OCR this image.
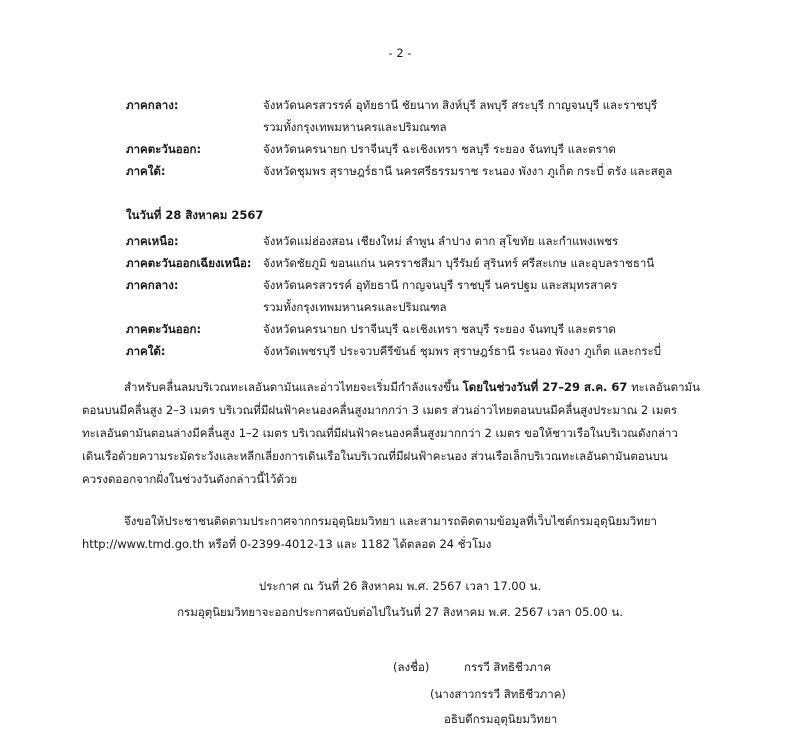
- 2 -
ภาคกลาง:	จังหวัดนครสวรรค์ อุทัยธานี ชัยนาท สิงห์บุรี ลพบุรี สระบุรี กาญจนบุรี และราชบุรี
รวมทั้งกรุงเทพมหานครและปริมณฑล
ภาคตะวันออก:	จังหวัดนครนายก ปราจีนบุรี ฉะเชิงเทรา ชลบุรี ระยอง จันทบุรี และตราด
ภาคใต้:	จังหวัดชุมพร สุราษฎร์ธานี นครศรีธรรมราช ระนอง พังงา ภูเก็ต กระบี่ ตรัง และสตูล
ในวันที่ 28 สิงหาคม 2567
ภาคเหนือ:	จังหวัดแม่ฮ่องสอน เชียงใหม่ ลำพูน ลำปาง ตาก สุโขทัย และกำแพงเพชร
ภาคตะวันออกเฉียงเหนือ:	จังหวัดชัยภูมิ ขอนแก่น นครราชสีมา บุรีรัมย์ สุรินทร์ ศรีสะเกษ และอุบลราชธานี
ภาคกลาง:	จังหวัดนครสวรรค์ อุทัยธานี กาญจนบุรี ราชบุรี นครปฐม และสมุทรสาคร
รวมทั้งกรุงเทพมหานครและปริมณฑล
ภาคตะวันออก:	จังหวัดนครนายก ปราจีนบุรี ฉะเชิงเทรา ชลบุรี ระยอง จันทบุรี และตราด
ภาคใต้:	จังหวัดเพชรบุรี ประจวบคีรีขันธ์ ชุมพร สุราษฎร์ธานี ระนอง พังงา ภูเก็ต และกระบี่
สำหรับคลื่นลมบริเวณทะเลอันดามันและอ่าวไทยจะเริ่มมีกำลังแรงขึ้น โดยในช่วงวันที่ 27–29 ส.ค. 67 ทะเลอันดามัน
ตอนบนมีคลื่นสูง 2–3 เมตร บริเวณที่มีฝนฟ้าคะนองคลื่นสูงมากกว่า 3 เมตร ส่วนอ่าวไทยตอนบนมีคลื่นสูงประมาณ 2 เมตร
ทะเลอันดามันตอนล่างมีคลื่นสูง 1–2 เมตร บริเวณที่มีฝนฟ้าคะนองคลื่นสูงมากกว่า 2 เมตร ขอให้ชาวเรือในบริเวณดังกล่าว
เดินเรือด้วยความระมัดระวังและหลีกเลี่ยงการเดินเรือในบริเวณที่มีฝนฟ้าคะนอง ส่วนเรือเล็กบริเวณทะเลอันดามันตอนบน
ควรงดออกจากฝั่งในช่วงวันดังกล่าวนี้ไว้ด้วย
จึงขอให้ประชาชนติดตามประกาศจากกรมอุตุนิยมวิทยา และสามารถติดตามข้อมูลที่เว็บไซต์กรมอุตุนิยมวิทยา
http://www.tmd.go.th หรือที่ 0-2399-4012-13 และ 1182 ได้ตลอด 24 ชั่วโมง
ประกาศ ณ วันที่ 26 สิงหาคม พ.ศ. 2567 เวลา 17.00 น.
กรมอุตุนิยมวิทยาจะออกประกาศฉบับต่อไปในวันที่ 27 สิงหาคม พ.ศ. 2567 เวลา 05.00 น.
(ลงชื่อ)	กรรวี สิทธิชีวภาค
(นางสาวกรรวี สิทธิชีวภาค)
อธิบดีกรมอุตุนิยมวิทยา
